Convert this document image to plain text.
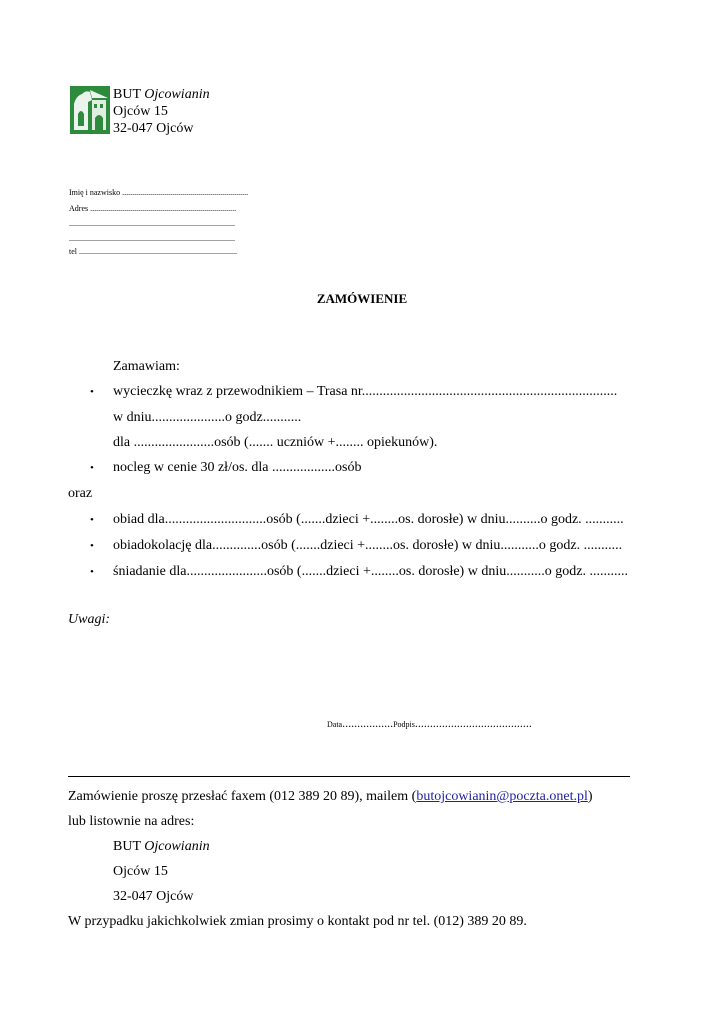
BUT Ojcowianin
Ojców 15
32-047 Ojców
Imię i nazwisko ...............................................................
Adres .........................................................................
...................................................................................
...................................................................................
tel ...............................................................................
ZAMÓWIENIE
Zamawiam:
• wycieczkę wraz z przewodnikiem – Trasa nr.........................................................................
w dniu.....................o godz...........
dla .......................osób (....... uczniów +........ opiekunów).
• nocleg w cenie 30 zł/os. dla ..................osób
oraz
• obiad dla.............................osób (.......dzieci +........os. dorosłe) w dniu..........o godz. ...........
• obiadokolację dla..............osób (.......dzieci +........os. dorosłe) w dniu...........o godz. ...........
• śniadanie dla.......................osób (.......dzieci +........os. dorosłe) w dniu...........o godz. ...........
Uwagi:
Data.................Podpis.......................................
Zamówienie proszę przesłać faxem (012 389 20 89), mailem (butojcowianin@poczta.onet.pl)
lub listownie na adres:
BUT Ojcowianin
Ojców 15
32-047 Ojców
W przypadku jakichkolwiek zmian prosimy o kontakt pod nr tel. (012) 389 20 89.
